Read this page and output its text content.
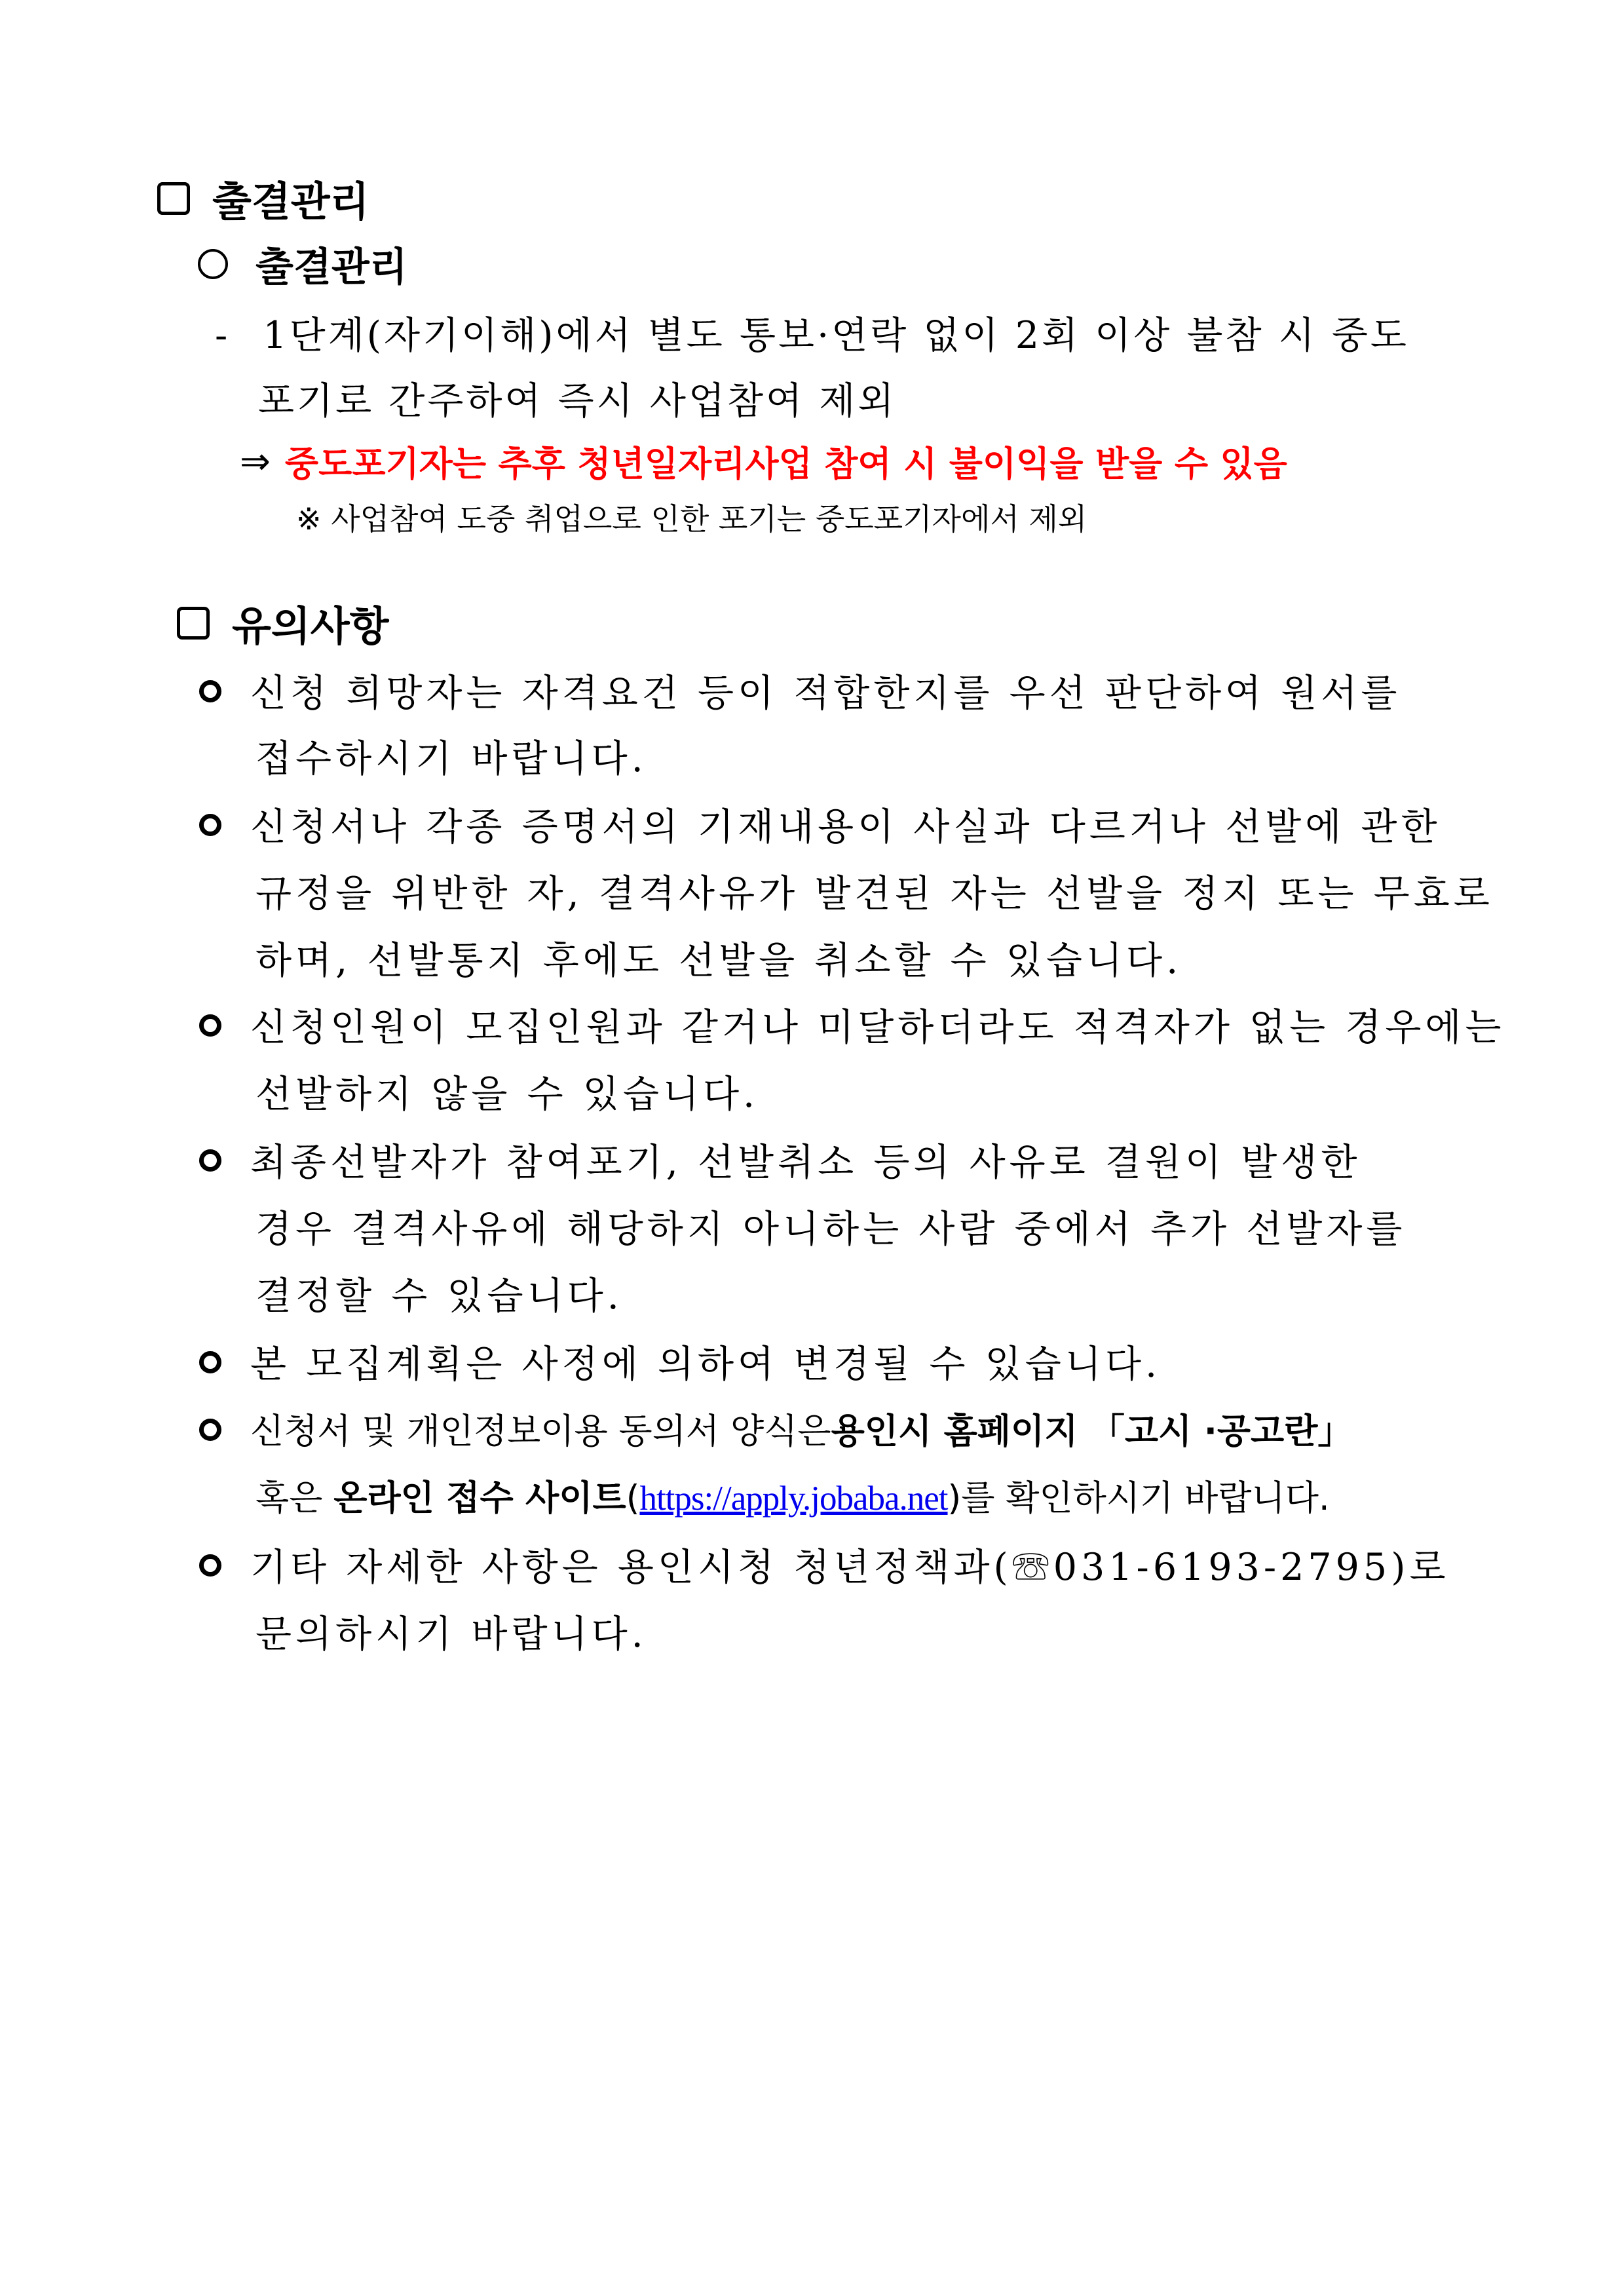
출결관리
출결관리
- 1단계(자기이해)에서 별도 통보·연락 없이 2회 이상 불참 시 중도
포기로 간주하여 즉시 사업참여 제외
⇒ 중도포기자는 추후 청년일자리사업 참여 시 불이익을 받을 수 있음
※ 사업참여 도중 취업으로 인한 포기는 중도포기자에서 제외
유의사항
신청 희망자는 자격요건 등이 적합한지를 우선 판단하여 원서를
접수하시기 바랍니다.
신청서나 각종 증명서의 기재내용이 사실과 다르거나 선발에 관한
규정을 위반한 자, 결격사유가 발견된 자는 선발을 정지 또는 무효로
하며, 선발통지 후에도 선발을 취소할 수 있습니다.
신청인원이 모집인원과 같거나 미달하더라도 적격자가 없는 경우에는
선발하지 않을 수 있습니다.
최종선발자가 참여포기, 선발취소 등의 사유로 결원이 발생한
경우 결격사유에 해당하지 아니하는 사람 중에서 추가 선발자를
결정할 수 있습니다.
본 모집계획은 사정에 의하여 변경될 수 있습니다.
신청서 및 개인정보이용 동의서 양식은 용인시 홈페이지 「고시 ·공고란」
혹은 온라인 접수 사이트(https://apply.jobaba.net)를 확인하시기 바랍니다.
기타 자세한 사항은 용인시청 청년정책과(☏031-6193-2795)로
문의하시기 바랍니다.
